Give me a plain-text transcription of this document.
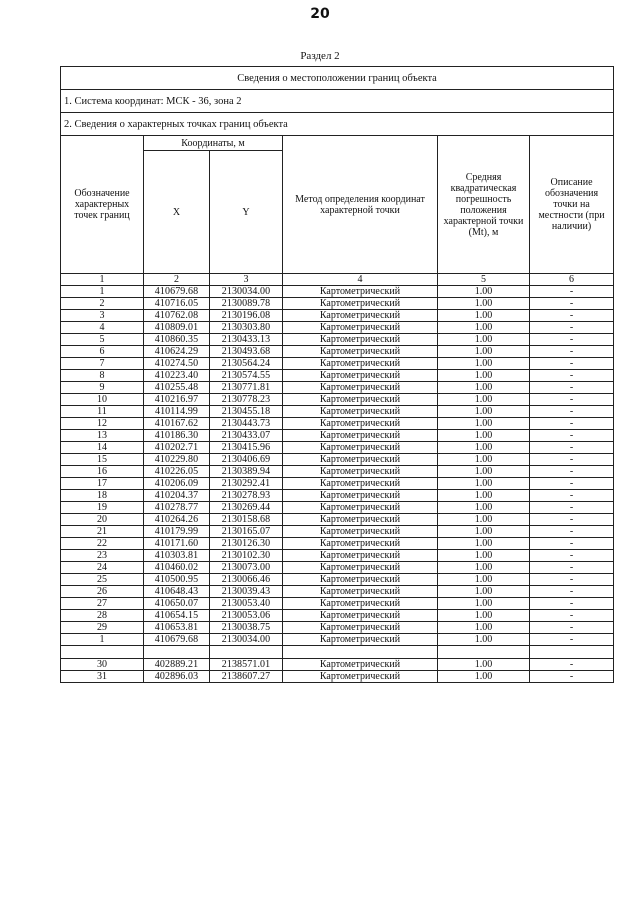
20
Раздел 2
Сведения о местоположении границ объекта					
1. Система координат: МСК - 36, зона 2					
2. Сведения о характерных точках границ объекта					
Обозначение характерных точек границ	Координаты, м		Метод определения координат характерной точки	Средняя квадратическая погрешность положения характерной точки (Mt), м	Описание обозначения точки на местности (при наличии)
	X	Y			
1	2	3	4	5	6
1	410679.68	2130034.00	Картометрический	1.00	-
2	410716.05	2130089.78	Картометрический	1.00	-
3	410762.08	2130196.08	Картометрический	1.00	-
4	410809.01	2130303.80	Картометрический	1.00	-
5	410860.35	2130433.13	Картометрический	1.00	-
6	410624.29	2130493.68	Картометрический	1.00	-
7	410274.50	2130564.24	Картометрический	1.00	-
8	410223.40	2130574.55	Картометрический	1.00	-
9	410255.48	2130771.81	Картометрический	1.00	-
10	410216.97	2130778.23	Картометрический	1.00	-
11	410114.99	2130455.18	Картометрический	1.00	-
12	410167.62	2130443.73	Картометрический	1.00	-
13	410186.30	2130433.07	Картометрический	1.00	-
14	410202.71	2130415.96	Картометрический	1.00	-
15	410229.80	2130406.69	Картометрический	1.00	-
16	410226.05	2130389.94	Картометрический	1.00	-
17	410206.09	2130292.41	Картометрический	1.00	-
18	410204.37	2130278.93	Картометрический	1.00	-
19	410278.77	2130269.44	Картометрический	1.00	-
20	410264.26	2130158.68	Картометрический	1.00	-
21	410179.99	2130165.07	Картометрический	1.00	-
22	410171.60	2130126.30	Картометрический	1.00	-
23	410303.81	2130102.30	Картометрический	1.00	-
24	410460.02	2130073.00	Картометрический	1.00	-
25	410500.95	2130066.46	Картометрический	1.00	-
26	410648.43	2130039.43	Картометрический	1.00	-
27	410650.07	2130053.40	Картометрический	1.00	-
28	410654.15	2130053.06	Картометрический	1.00	-
29	410653.81	2130038.75	Картометрический	1.00	-
1	410679.68	2130034.00	Картометрический	1.00	-

30	402889.21	2138571.01	Картометрический	1.00	-
31	402896.03	2138607.27	Картометрический	1.00	-
